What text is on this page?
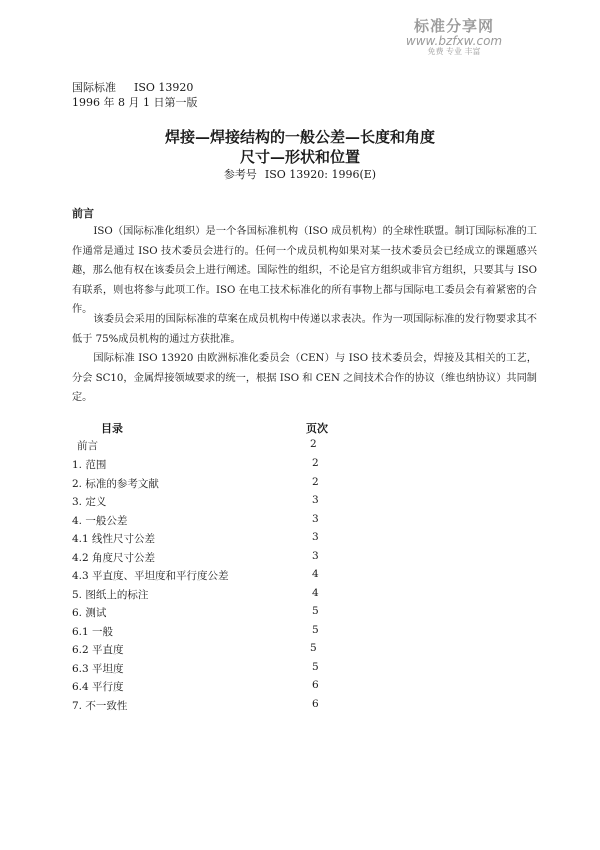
标准分享网
www.bzfxw.com
免费 专业 丰富
国际标准 ISO 13920
1996 年 8 月 1 日第一版
焊接—焊接结构的一般公差—长度和角度
尺寸—形状和位置
参考号 ISO 13920: 1996(E)
前言
ISO（国际标准化组织）是一个各国标准机构（ISO 成员机构）的全球性联盟。制订国际标准的工作通常是通过 ISO 技术委员会进行的。任何一个成员机构如果对某一技术委员会已经成立的课题感兴趣，那么他有权在该委员会上进行阐述。国际性的组织，不论是官方组织或非官方组织，只要其与 ISO 有联系，则也将参与此项工作。ISO 在电工技术标准化的所有事物上都与国际电工委员会有着紧密的合作。
该委员会采用的国际标准的草案在成员机构中传递以求表决。作为一项国际标准的发行物要求其不低于 75%成员机构的通过方获批准。
国际标准 ISO 13920 由欧洲标准化委员会（CEN）与 ISO 技术委员会，焊接及其相关的工艺，分会 SC10，金属焊接领域要求的统一，根据 ISO 和 CEN 之间技术合作的协议（维也纳协议）共同制定。
目录	页次
前言	2
1. 范围	2
2. 标准的参考文献	2
3. 定义	3
4. 一般公差	3
4.1 线性尺寸公差	3
4.2 角度尺寸公差	3
4.3 平直度、平坦度和平行度公差	4
5. 图纸上的标注	4
6. 测试	5
6.1 一般	5
6.2 平直度	5
6.3 平坦度	5
6.4 平行度	6
7. 不一致性	6
